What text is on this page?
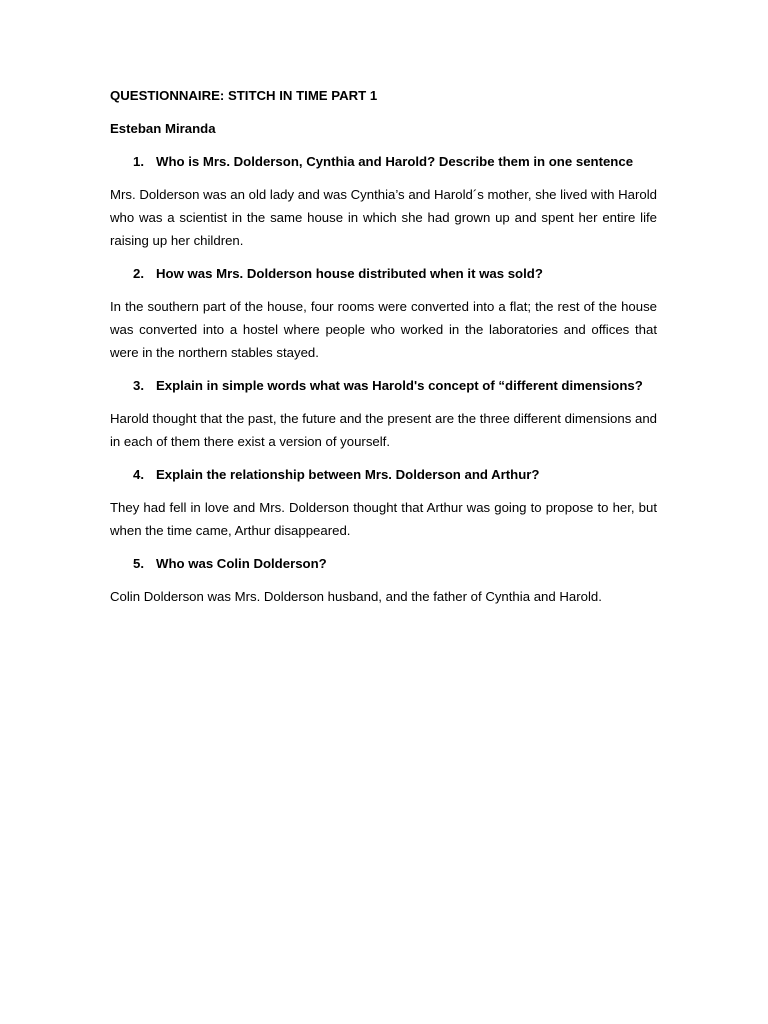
QUESTIONNAIRE: STITCH IN TIME PART 1
Esteban Miranda
1. Who is Mrs. Dolderson, Cynthia and Harold? Describe them in one sentence
Mrs. Dolderson was an old lady and was Cynthia’s and Harold´s mother, she lived with Harold who was a scientist in the same house in which she had grown up and spent her entire life raising up her children.
2. How was Mrs. Dolderson house distributed when it was sold?
In the southern part of the house, four rooms were converted into a flat; the rest of the house was converted into a hostel where people who worked in the laboratories and offices that were in the northern stables stayed.
3. Explain in simple words what was Harold's concept of “different dimensions?
Harold thought that the past, the future and the present are the three different dimensions and in each of them there exist a version of yourself.
4. Explain the relationship between Mrs. Dolderson and Arthur?
They had fell in love and Mrs. Dolderson thought that Arthur was going to propose to her, but when the time came, Arthur disappeared.
5. Who was Colin Dolderson?
Colin Dolderson was Mrs. Dolderson husband, and the father of Cynthia and Harold.
